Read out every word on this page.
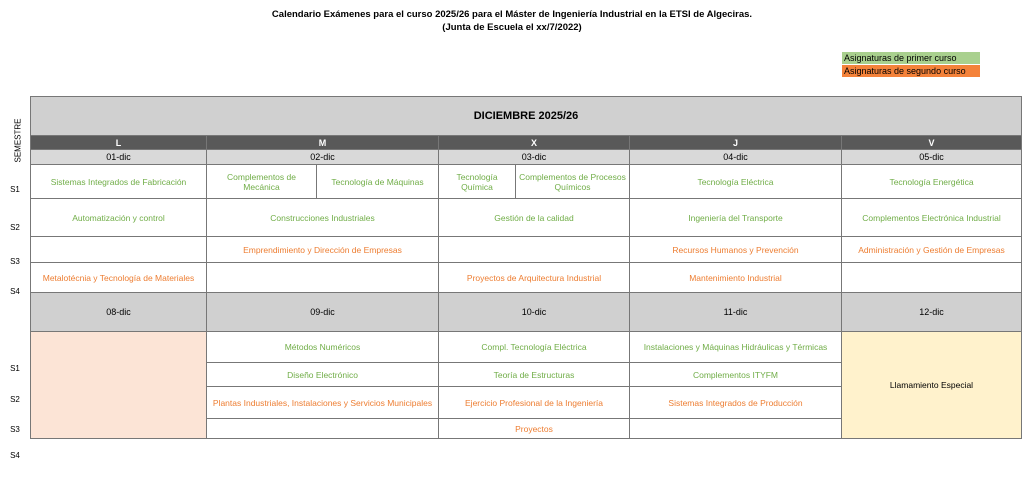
Calendario Exámenes para el curso 2025/26 para el Máster de Ingeniería Industrial en la ETSI de Algeciras.
(Junta de Escuela el xx/7/2022)
Asignaturas de primer curso
Asignaturas de segundo curso
SEMESTRE
S1
S2
S3
S4
S1
S2
S3
S4
DICIEMBRE 2025/26						
L	M		X		J	V
01-dic	02-dic		03-dic		04-dic	05-dic
Sistemas Integrados de Fabricación	Complementos de Mecánica	Tecnología de Máquinas	Tecnología Química	Complementos de Procesos Químicos	Tecnología Eléctrica	Tecnología Energética
Automatización y control	Construcciones Industriales		Gestión de la calidad		Ingeniería del Transporte	Complementos Electrónica Industrial
	Emprendimiento y Dirección de Empresas				Recursos Humanos y Prevención	Administración y Gestión de Empresas
Metalotécnia y Tecnología de Materiales			Proyectos de Arquitectura Industrial		Mantenimiento Industrial	
08-dic	09-dic		10-dic		11-dic	12-dic
	Métodos Numéricos		Compl. Tecnología Eléctrica		Instalaciones y Máquinas Hidráulicas y Térmicas	Llamamiento Especial
	Diseño Electrónico		Teoría de Estructuras		Complementos ITYFM	
	Plantas Industriales, Instalaciones y Servicios Municipales		Ejercicio Profesional de la Ingeniería		Sistemas Integrados de Producción	
			Proyectos			
